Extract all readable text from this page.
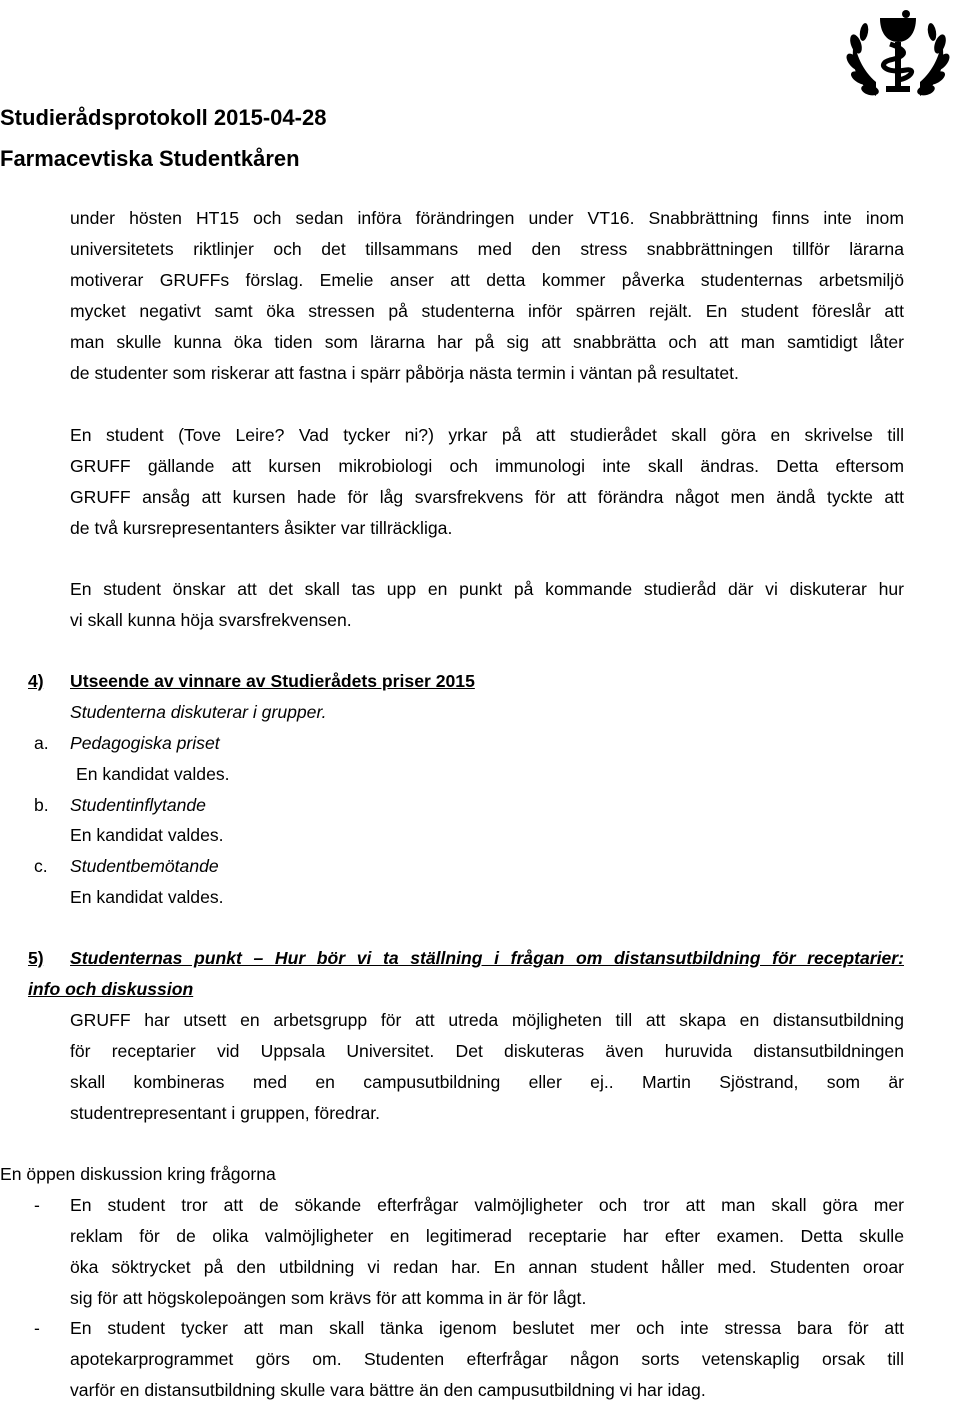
Studierådsprotokoll 2015-04-28
Farmacevtiska Studentkåren
under hösten HT15 och sedan införa förändringen under VT16. Snabbrättning finns inte inom
universitetets riktlinjer och det tillsammans med den stress snabbrättningen tillför lärarna
motiverar GRUFFs förslag. Emelie anser att detta kommer påverka studenternas arbetsmiljö
mycket negativt samt öka stressen på studenterna inför spärren rejält. En student föreslår att
man skulle kunna öka tiden som lärarna har på sig att snabbrätta och att man samtidigt låter
de studenter som riskerar att fastna i spärr påbörja nästa termin i väntan på resultatet.
En student (Tove Leire? Vad tycker ni?) yrkar på att studierådet skall göra en skrivelse till
GRUFF gällande att kursen mikrobiologi och immunologi inte skall ändras. Detta eftersom
GRUFF ansåg att kursen hade för låg svarsfrekvens för att förändra något men ändå tyckte att
de två kursrepresentanters åsikter var tillräckliga.
En student önskar att det skall tas upp en punkt på kommande studieråd där vi diskuterar hur
vi skall kunna höja svarsfrekvensen.
4) Utseende av vinnare av Studierådets priser 2015
Studenterna diskuterar i grupper.
a. Pedagogiska priset
En kandidat valdes.
b. Studentinflytande
En kandidat valdes.
c. Studentbemötande
En kandidat valdes.
5) Studenternas punkt – Hur bör vi ta ställning i frågan om distansutbildning för receptarier:
info och diskussion
GRUFF har utsett en arbetsgrupp för att utreda möjligheten till att skapa en distansutbildning
för receptarier vid Uppsala Universitet. Det diskuteras även huruvida distansutbildningen
skall kombineras med en campusutbildning eller ej.. Martin Sjöstrand, som är
studentrepresentant i gruppen, föredrar.
En öppen diskussion kring frågorna
- En student tror att de sökande efterfrågar valmöjligheter och tror att man skall göra mer
reklam för de olika valmöjligheter en legitimerad receptarie har efter examen. Detta skulle
öka söktrycket på den utbildning vi redan har. En annan student håller med. Studenten oroar
sig för att högskolepoängen som krävs för att komma in är för lågt.
- En student tycker att man skall tänka igenom beslutet mer och inte stressa bara för att
apotekarprogrammet görs om. Studenten efterfrågar någon sorts vetenskaplig orsak till
varför en distansutbildning skulle vara bättre än den campusutbildning vi har idag.
